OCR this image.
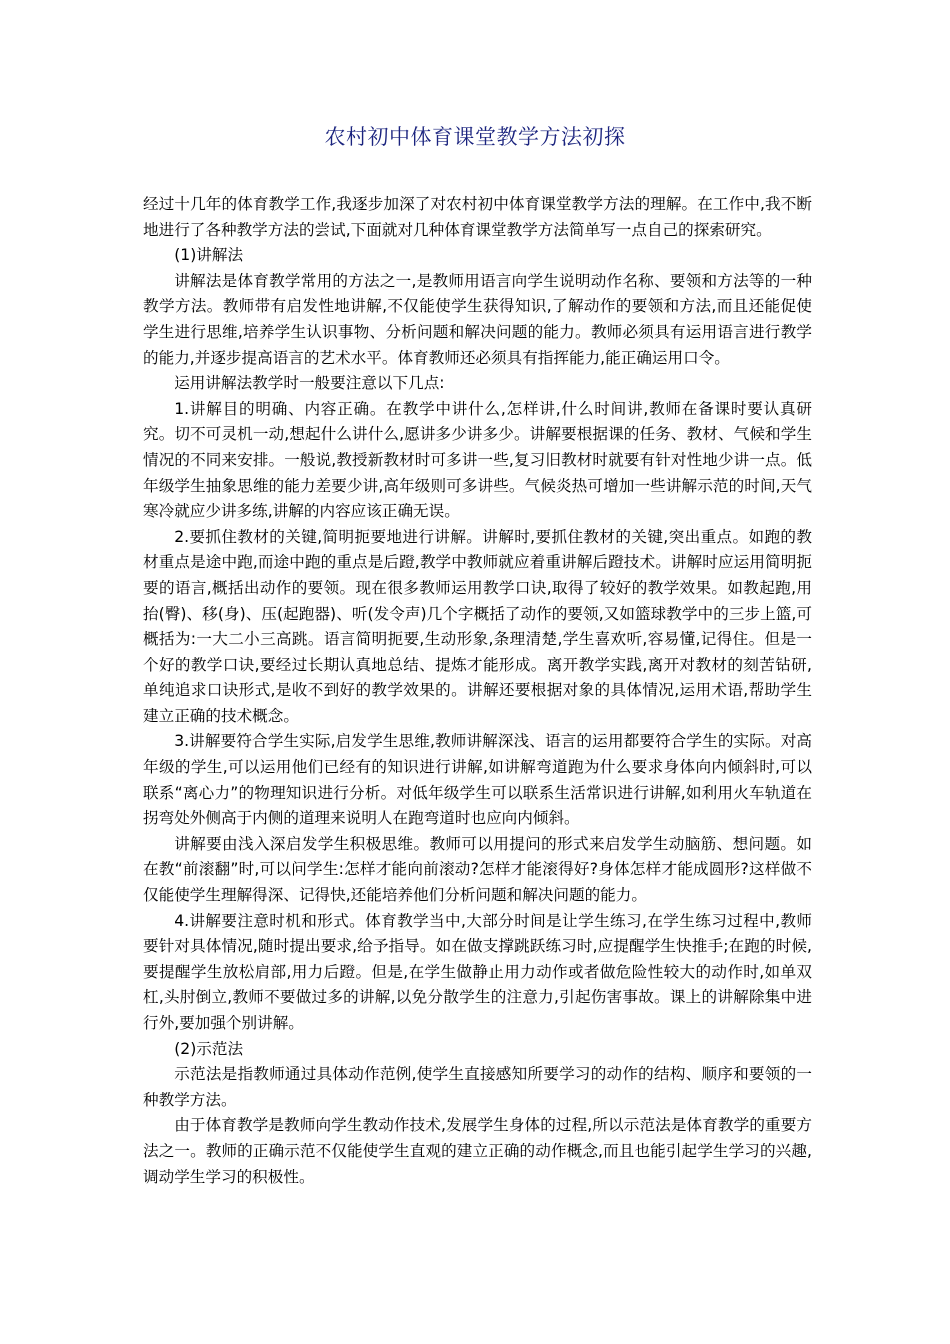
农村初中体育课堂教学方法初探

经过十几年的体育教学工作,我逐步加深了对农村初中体育课堂教学方法的理解。在工作中,我不断地进行了各种教学方法的尝试,下面就对几种体育课堂教学方法简单写一点自己的探索研究。

(1)讲解法

讲解法是体育教学常用的方法之一,是教师用语言向学生说明动作名称、要领和方法等的一种教学方法。教师带有启发性地讲解,不仅能使学生获得知识,了解动作的要领和方法,而且还能促使学生进行思维,培养学生认识事物、分析问题和解决问题的能力。教师必须具有运用语言进行教学的能力,并逐步提高语言的艺术水平。体育教师还必须具有指挥能力,能正确运用口令。

运用讲解法教学时一般要注意以下几点:

1.讲解目的明确、内容正确。在教学中讲什么,怎样讲,什么时间讲,教师在备课时要认真研究。切不可灵机一动,想起什么讲什么,愿讲多少讲多少。讲解要根据课的任务、教材、气候和学生情况的不同来安排。一般说,教授新教材时可多讲一些,复习旧教材时就要有针对性地少讲一点。低年级学生抽象思维的能力差要少讲,高年级则可多讲些。气候炎热可增加一些讲解示范的时间,天气寒冷就应少讲多练,讲解的内容应该正确无误。

2.要抓住教材的关键,简明扼要地进行讲解。讲解时,要抓住教材的关键,突出重点。如跑的教材重点是途中跑,而途中跑的重点是后蹬,教学中教师就应着重讲解后蹬技术。讲解时应运用简明扼要的语言,概括出动作的要领。现在很多教师运用教学口诀,取得了较好的教学效果。如教起跑,用抬(臀)、移(身)、压(起跑器)、听(发令声)几个字概括了动作的要领,又如篮球教学中的三步上篮,可概括为:一大二小三高跳。语言简明扼要,生动形象,条理清楚,学生喜欢听,容易懂,记得住。但是一个好的教学口诀,要经过长期认真地总结、提炼才能形成。离开教学实践,离开对教材的刻苦钻研,单纯追求口诀形式,是收不到好的教学效果的。讲解还要根据对象的具体情况,运用术语,帮助学生建立正确的技术概念。

3.讲解要符合学生实际,启发学生思维,教师讲解深浅、语言的运用都要符合学生的实际。对高年级的学生,可以运用他们已经有的知识进行讲解,如讲解弯道跑为什么要求身体向内倾斜时,可以联系“离心力”的物理知识进行分析。对低年级学生可以联系生活常识进行讲解,如利用火车轨道在拐弯处外侧高于内侧的道理来说明人在跑弯道时也应向内倾斜。

讲解要由浅入深启发学生积极思维。教师可以用提问的形式来启发学生动脑筋、想问题。如在教“前滚翻”时,可以问学生:怎样才能向前滚动?怎样才能滚得好?身体怎样才能成圆形?这样做不仅能使学生理解得深、记得快,还能培养他们分析问题和解决问题的能力。

4.讲解要注意时机和形式。体育教学当中,大部分时间是让学生练习,在学生练习过程中,教师要针对具体情况,随时提出要求,给予指导。如在做支撑跳跃练习时,应提醒学生快推手;在跑的时候,要提醒学生放松肩部,用力后蹬。但是,在学生做静止用力动作或者做危险性较大的动作时,如单双杠,头肘倒立,教师不要做过多的讲解,以免分散学生的注意力,引起伤害事故。课上的讲解除集中进行外,要加强个别讲解。

(2)示范法

示范法是指教师通过具体动作范例,使学生直接感知所要学习的动作的结构、顺序和要领的一种教学方法。

由于体育教学是教师向学生教动作技术,发展学生身体的过程,所以示范法是体育教学的重要方法之一。教师的正确示范不仅能使学生直观的建立正确的动作概念,而且也能引起学生学习的兴趣,调动学生学习的积极性。
